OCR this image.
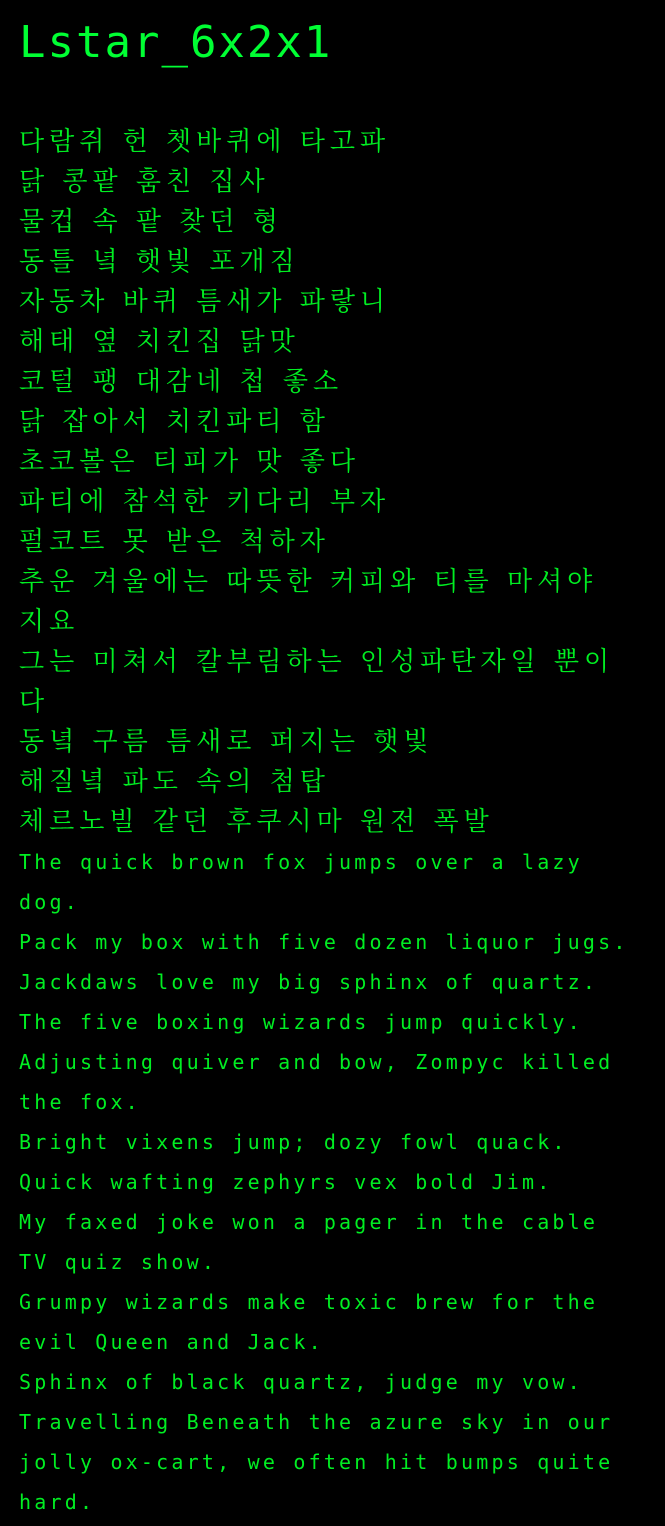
Lstar_6x2x1
다람쥐 헌 쳇바퀴에 타고파
닭 콩팥 훔친 집사
물컵 속 팥 찾던 형
동틀 녘 햇빛 포개짐
자동차 바퀴 틈새가 파랗니
해태 옆 치킨집 닭맛
코털 팽 대감네 첩 좋소
닭 잡아서 치킨파티 함
초코볼은 티피가 맛 좋다
파티에 참석한 키다리 부자
펄코트 못 받은 척하자
추운 겨울에는 따뜻한 커피와 티를 마셔야
지요
그는 미쳐서 칼부림하는 인성파탄자일 뿐이
다
동녘 구름 틈새로 퍼지는 햇빛
해질녘 파도 속의 첨탑
체르노빌 같던 후쿠시마 원전 폭발
The quick brown fox jumps over a lazy
dog.
Pack my box with five dozen liquor jugs.
Jackdaws love my big sphinx of quartz.
The five boxing wizards jump quickly.
Adjusting quiver and bow, Zompyc killed
the fox.
Bright vixens jump; dozy fowl quack.
Quick wafting zephyrs vex bold Jim.
My faxed joke won a pager in the cable
TV quiz show.
Grumpy wizards make toxic brew for the
evil Queen and Jack.
Sphinx of black quartz, judge my vow.
Travelling Beneath the azure sky in our
jolly ox-cart, we often hit bumps quite
hard.
